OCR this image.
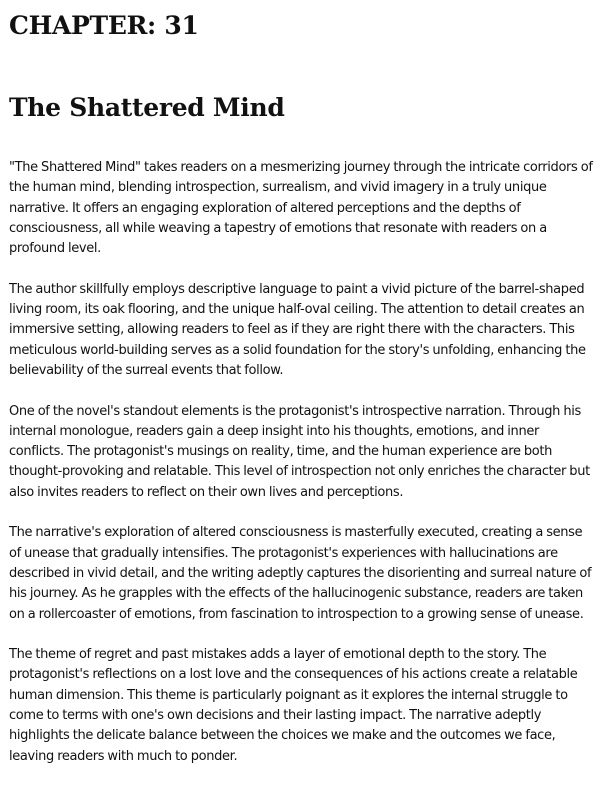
CHAPTER: 31
The Shattered Mind

"The Shattered Mind" takes readers on a mesmerizing journey through the intricate corridors of the human mind, blending introspection, surrealism, and vivid imagery in a truly unique narrative. It offers an engaging exploration of altered perceptions and the depths of consciousness, all while weaving a tapestry of emotions that resonate with readers on a profound level.

The author skillfully employs descriptive language to paint a vivid picture of the barrel-shaped living room, its oak flooring, and the unique half-oval ceiling. The attention to detail creates an immersive setting, allowing readers to feel as if they are right there with the characters. This meticulous world-building serves as a solid foundation for the story's unfolding, enhancing the believability of the surreal events that follow.

One of the novel's standout elements is the protagonist's introspective narration. Through his internal monologue, readers gain a deep insight into his thoughts, emotions, and inner conflicts. The protagonist's musings on reality, time, and the human experience are both thought-provoking and relatable. This level of introspection not only enriches the character but also invites readers to reflect on their own lives and perceptions.

The narrative's exploration of altered consciousness is masterfully executed, creating a sense of unease that gradually intensifies. The protagonist's experiences with hallucinations are described in vivid detail, and the writing adeptly captures the disorienting and surreal nature of his journey. As he grapples with the effects of the hallucinogenic substance, readers are taken on a rollercoaster of emotions, from fascination to introspection to a growing sense of unease.

The theme of regret and past mistakes adds a layer of emotional depth to the story. The protagonist's reflections on a lost love and the consequences of his actions create a relatable human dimension. This theme is particularly poignant as it explores the internal struggle to come to terms with one's own decisions and their lasting impact. The narrative adeptly highlights the delicate balance between the choices we make and the outcomes we face, leaving readers with much to ponder.
